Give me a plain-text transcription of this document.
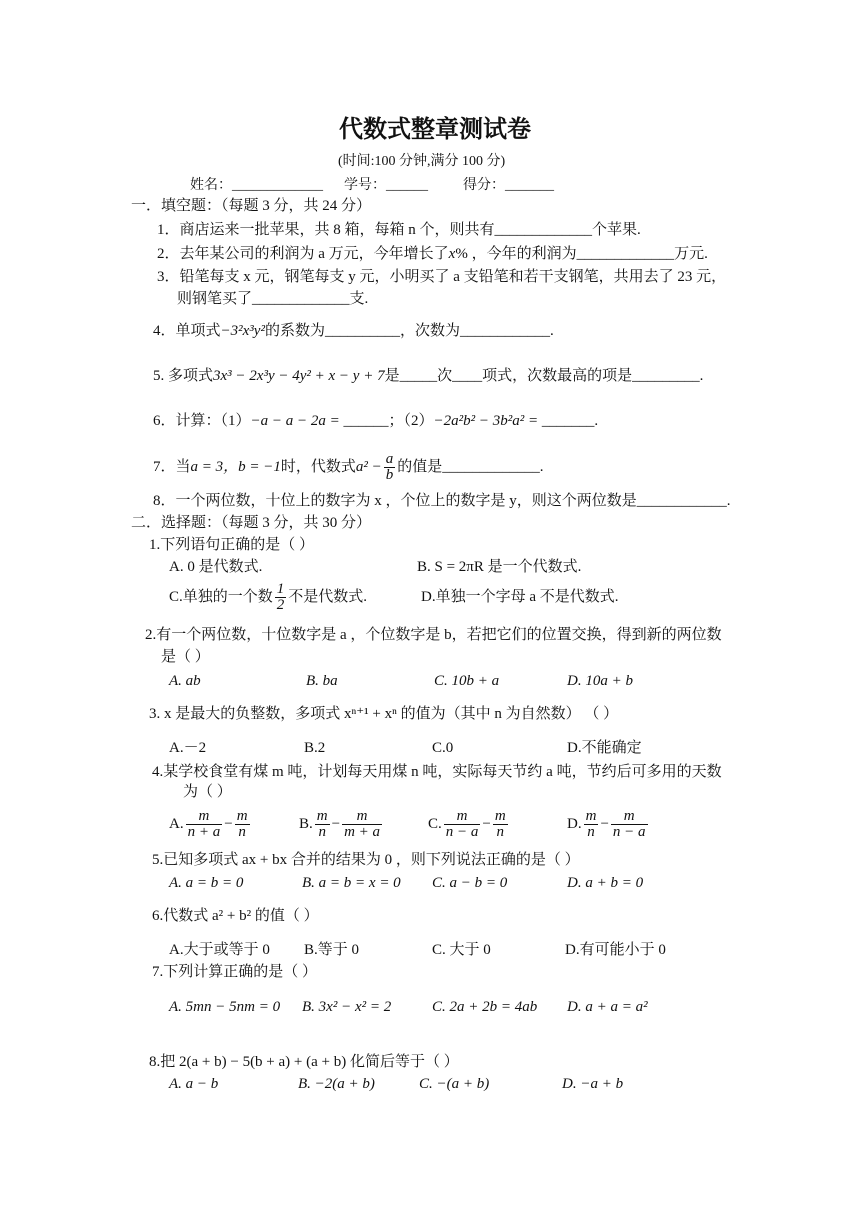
代数式整章测试卷
(时间:100 分钟,满分 100 分)
姓名：_____________      学号：______          得分：_______
一．填空题：（每题 3 分，共 24 分）
1．商店运来一批苹果，共 8 箱，每箱 n 个，则共有_____________个苹果.
2．去年某公司的利润为 a 万元，今年增长了x% ，今年的利润为_____________万元.
3．铅笔每支 x 元，钢笔每支 y 元，小明买了 a 支铅笔和若干支钢笔，共用去了 23 元，
则钢笔买了_____________支.
4．单项式−3²x³y²的系数为__________，次数为____________.
5. 多项式3x³ − 2x³y − 4y² + x − y + 7是_____次____项式，次数最高的项是_________.
6．计算：（1）−a − a − 2a = ______；（2）−2a²b² − 3b²a² = _______.
7．当a = 3，b = −1时，代数式$a^2 - \frac{a}{b}$ 的值是_____________.
8．一个两位数，十位上的数字为 x ，个位上的数字是 y，则这个两位数是____________.
二．选择题：（每题 3 分，共 30 分）
1.下列语句正确的是（ ）
A. 0 是代数式.	B. S = 2πR 是一个代数式.
C.单独的一个数 $\frac{1}{2}$ 不是代数式.	D.单独一个字母 a 不是代数式.
2.有一个两位数，十位数字是 a ，个位数字是 b，若把它们的位置交换，得到新的两位数
是（ ）
A. ab	B. ba	C. 10b + a	D. 10a + b
3. x 是最大的负整数，多项式 xⁿ⁺¹ + xⁿ 的值为（其中 n 为自然数） （ ）
A.－2	B.2	C.0	D.不能确定
4.某学校食堂有煤 m 吨，计划每天用煤 n 吨，实际每天节约 a 吨，节约后可多用的天数
为（ ）
A. $\frac{m}{n + a} - \frac{m}{n}$	B. $\frac{m}{n} - \frac{m}{m + a}$	C. $\frac{m}{n - a} - \frac{m}{n}$	D. $\frac{m}{n} - \frac{m}{n - a}$
5.已知多项式 ax + bx 合并的结果为 0 ，则下列说法正确的是（ ）
A. a = b = 0	B. a = b = x = 0 C. a − b = 0	D. a + b = 0
6.代数式 a² + b² 的值（ ）
A.大于或等于 0 B.等于 0	C. 大于 0	D.有可能小于 0
7.下列计算正确的是（ ）
A. 5mn − 5nm = 0 B. 3x² − x² = 2	C. 2a + 2b = 4ab D. a + a = a²
8.把 2(a + b) − 5(b + a) + (a + b) 化简后等于（ ）
A. a − b	B. −2(a + b)	C. −(a + b)	D. −a + b
